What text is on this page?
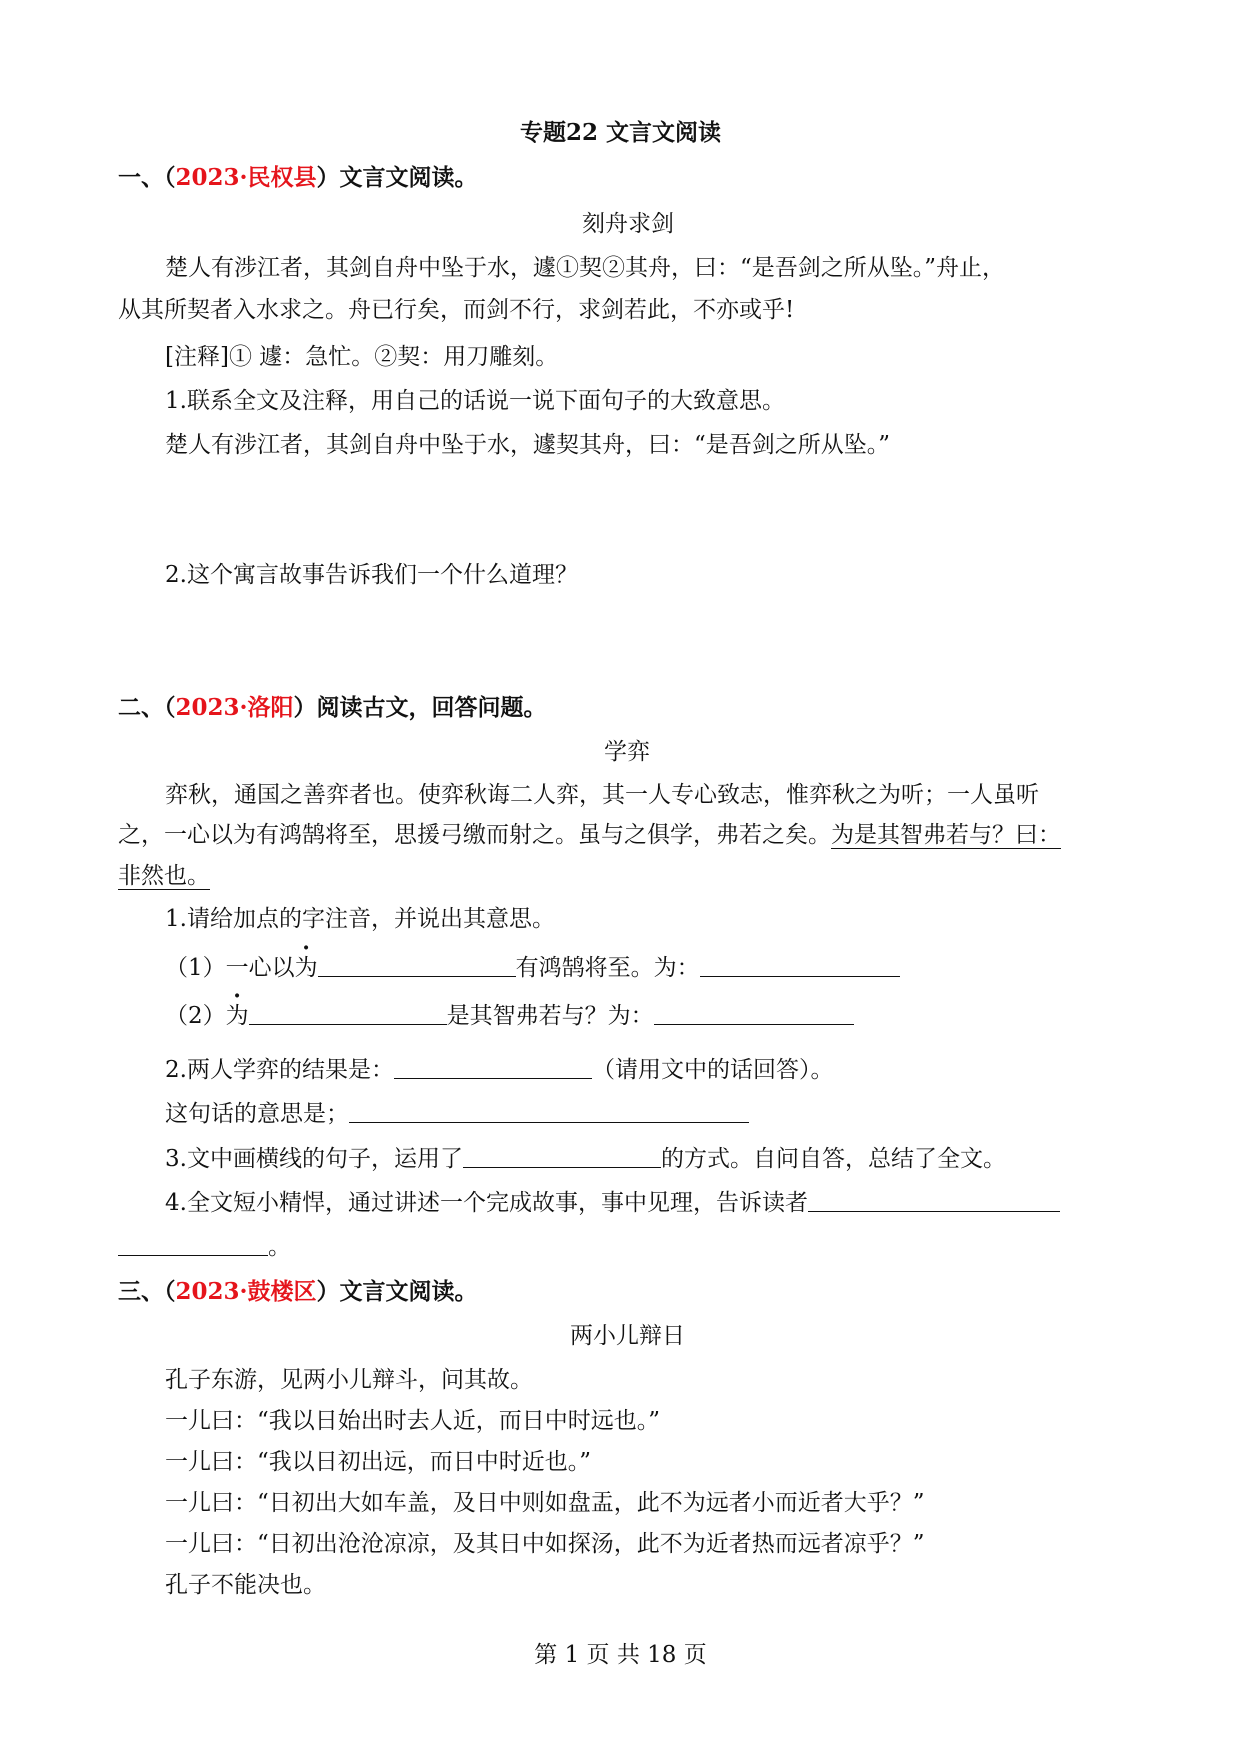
专题22 文言文阅读
一、（2023·民权县）文言文阅读。
刻舟求剑
楚人有涉江者，其剑自舟中坠于水，遽①契②其舟，曰：“是吾剑之所从坠。”舟止，
从其所契者入水求之。舟已行矣，而剑不行，求剑若此，不亦或乎!
[注释]① 遽：急忙。②契：用刀雕刻。
1.联系全文及注释，用自己的话说一说下面句子的大致意思。
楚人有涉江者，其剑自舟中坠于水，遽契其舟，曰：“是吾剑之所从坠。”
2.这个寓言故事告诉我们一个什么道理？
二、（2023·洛阳）阅读古文，回答问题。
学弈
弈秋，通国之善弈者也。使弈秋诲二人弈，其一人专心致志，惟弈秋之为听；一人虽听
之，一心以为有鸿鹄将至，思援弓缴而射之。虽与之俱学，弗若之矣。为是其智弗若与？曰：
非然也。
1.请给加点的字注音，并说出其意思。
（1）一心以为	有鸿鹄将至。为：
（2）为	是其智弗若与？为：
2.两人学弈的结果是：	（请用文中的话回答）。
这句话的意思是；
3.文中画横线的句子，运用了	的方式。自问自答，总结了全文。
4.全文短小精悍，通过讲述一个完成故事，事中见理，告诉读者
。
三、（2023·鼓楼区）文言文阅读。
两小儿辩日
孔子东游，见两小儿辩斗，问其故。
一儿曰：“我以日始出时去人近，而日中时远也。”
一儿曰：“我以日初出远，而日中时近也。”
一儿曰：“日初出大如车盖，及日中则如盘盂，此不为远者小而近者大乎？”
一儿曰：“日初出沧沧凉凉，及其日中如探汤，此不为近者热而远者凉乎？”
孔子不能决也。
第 1 页 共 18 页
